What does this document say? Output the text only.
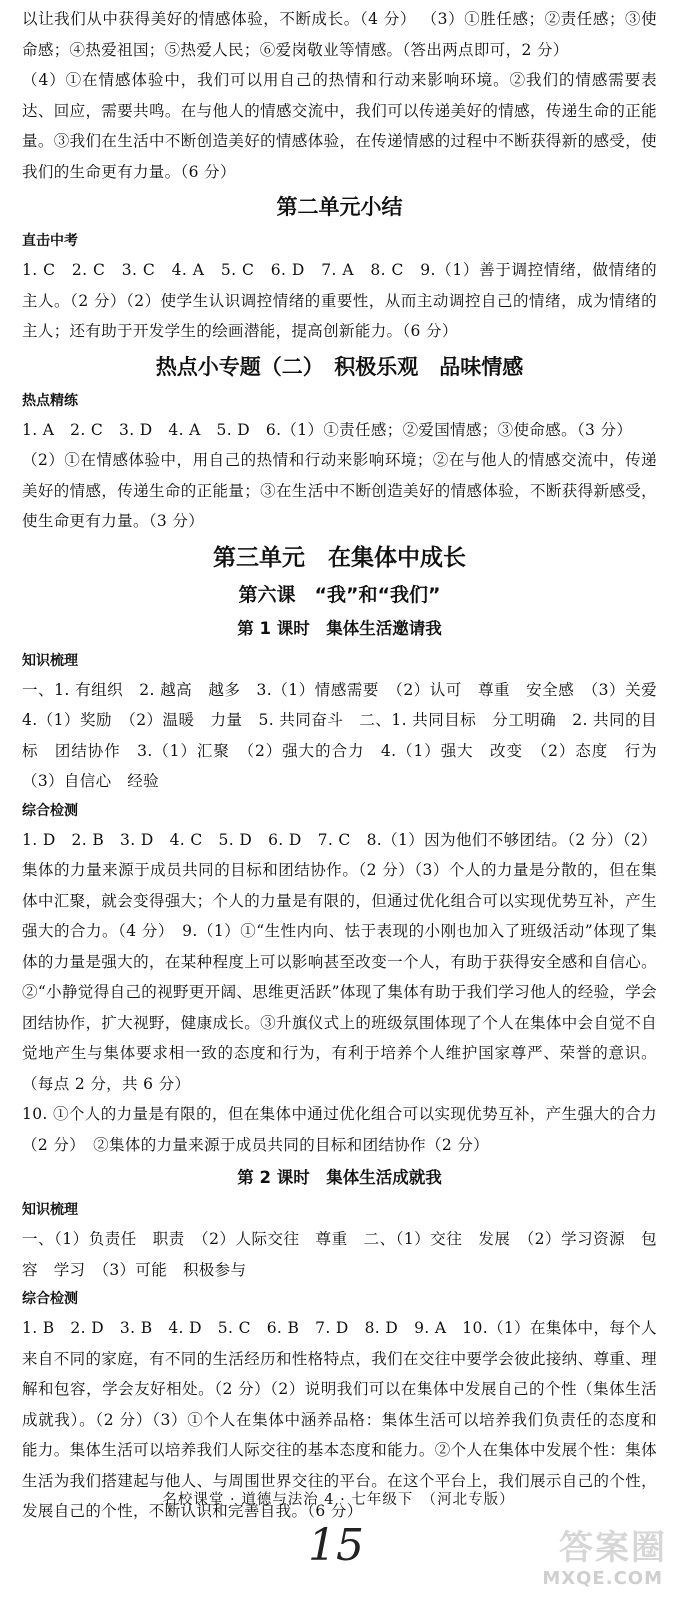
以让我们从中获得美好的情感体验，不断成长。（4 分） （3）①胜任感；②责任感；③使命感；④热爱祖国；⑤热爱人民；⑥爱岗敬业等情感。（答出两点即可，2 分）

（4）①在情感体验中，我们可以用自己的热情和行动来影响环境。②我们的情感需要表达、回应，需要共鸣。在与他人的情感交流中，我们可以传递美好的情感，传递生命的正能量。③我们在生活中不断创造美好的情感体验，在传递情感的过程中不断获得新的感受，使我们的生命更有力量。（6 分）

第二单元小结
直击中考

1. C　2. C　3. C　4. A　5. C　6. D　7. A　8. C　9.（1）善于调控情绪，做情绪的主人。（2 分）（2）使学生认识调控情绪的重要性，从而主动调控自己的情绪，成为情绪的主人；还有助于开发学生的绘画潜能，提高创新能力。（6 分）

热点小专题（二）　积极乐观　品味情感
热点精练

1. A　2. C　3. D　4. A　5. D　6.（1）①责任感；②爱国情感；③使命感。（3 分）

（2）①在情感体验中，用自己的热情和行动来影响环境；②在与他人的情感交流中，传递美好的情感，传递生命的正能量；③在生活中不断创造美好的情感体验，不断获得新感受，使生命更有力量。（3 分）

第三单元　在集体中成长
第六课　“我”和“我们”
第 1 课时　集体生活邀请我
知识梳理

一、1. 有组织　2. 越高　越多　3.（1）情感需要　（2）认可　尊重　安全感　（3）关爱　4.（1）奖励　（2）温暖　力量　5. 共同奋斗　二、1. 共同目标　分工明确　2. 共同的目标　团结协作　3.（1）汇聚　（2）强大的合力　4.（1）强大　改变　（2）态度　行为　（3）自信心　经验

综合检测

1. D　2. B　3. D　4. C　5. D　6. D　7. C　8.（1）因为他们不够团结。（2 分）（2）集体的力量来源于成员共同的目标和团结协作。（2 分）（3）个人的力量是分散的，但在集体中汇聚，就会变得强大；个人的力量是有限的，但通过优化组合可以实现优势互补，产生强大的合力。（4 分）　9.（1）①“生性内向、怯于表现的小刚也加入了班级活动”体现了集体的力量是强大的，在某种程度上可以影响甚至改变一个人，有助于获得安全感和自信心。②“小静觉得自己的视野更开阔、思维更活跃”体现了集体有助于我们学习他人的经验，学会团结协作，扩大视野，健康成长。③升旗仪式上的班级氛围体现了个人在集体中会自觉不自觉地产生与集体要求相一致的态度和行为，有利于培养个人维护国家尊严、荣誉的意识。（每点 2 分，共 6 分）

10. ①个人的力量是有限的，但在集体中通过优化组合可以实现优势互补，产生强大的合力（2 分）　②集体的力量来源于成员共同的目标和团结协作（2 分）

第 2 课时　集体生活成就我
知识梳理

一、（1）负责任　职责　（2）人际交往　尊重　二、（1）交往　发展　（2）学习资源　包容　学习　（3）可能　积极参与

综合检测

1. B　2. D　3. B　4. D　5. C　6. B　7. D　8. D　9. A　10.（1）在集体中，每个人来自不同的家庭，有不同的生活经历和性格特点，我们在交往中要学会彼此接纳、尊重、理解和包容，学会友好相处。（2 分）（2）说明我们可以在集体中发展自己的个性（集体生活成就我）。（2 分）（3）①个人在集体中涵养品格：集体生活可以培养我们负责任的态度和能力。集体生活可以培养我们人际交往的基本态度和能力。②个人在集体中发展个性：集体生活为我们搭建起与他人、与周围世界交往的平台。在这个平台上，我们展示自己的个性，发展自己的个性，不断认识和完善自我。（6 分）

名校课堂 · 道德与法治 4 · 七年级下　（河北专版）
15	答案圈
MXQE.COM
